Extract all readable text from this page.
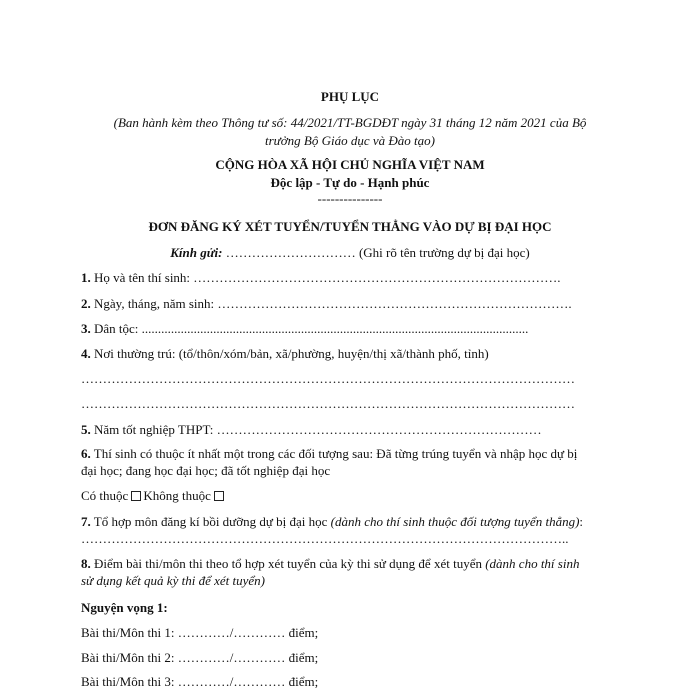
PHỤ LỤC
(Ban hành kèm theo Thông tư số: 44/2021/TT-BGDĐT ngày 31 tháng 12 năm 2021 của Bộ
trưởng Bộ Giáo dục và Đào tạo)
CỘNG HÒA XÃ HỘI CHỦ NGHĨA VIỆT NAM
Độc lập - Tự do - Hạnh phúc
---------------
ĐƠN ĐĂNG KÝ XÉT TUYỂN/TUYỂN THẲNG VÀO DỰ BỊ ĐẠI HỌC
Kính gửi: ………………………… (Ghi rõ tên trường dự bị đại học)
1. Họ và tên thí sinh: ………………………………………………………………………….
2. Ngày, tháng, năm sinh: ……………………………………………………………………….
3. Dân tộc: .......................................................................................................................
4. Nơi thường trú: (tổ/thôn/xóm/bản, xã/phường, huyện/thị xã/thành phố, tỉnh)
……………………………………………………………………………………………………
……………………………………………………………………………………………………
5. Năm tốt nghiệp THPT: …………………………………………………………………
6. Thí sinh có thuộc ít nhất một trong các đối tượng sau: Đã từng trúng tuyển và nhập học dự bị
đại học; đang học đại học; đã tốt nghiệp đại học
Có thuộc Không thuộc
7. Tổ hợp môn đăng kí bồi dưỡng dự bị đại học (dành cho thí sinh thuộc đối tượng tuyển thẳng):
…………………………………………………………………………………………………..
8. Điểm bài thi/môn thi theo tổ hợp xét tuyển của kỳ thi sử dụng để xét tuyển (dành cho thí sinh
sử dụng kết quả kỳ thi để xét tuyển)
Nguyện vọng 1:
Bài thi/Môn thi 1: …………/………… điểm;
Bài thi/Môn thi 2: …………/………… điểm;
Bài thi/Môn thi 3: …………/………… điểm;
